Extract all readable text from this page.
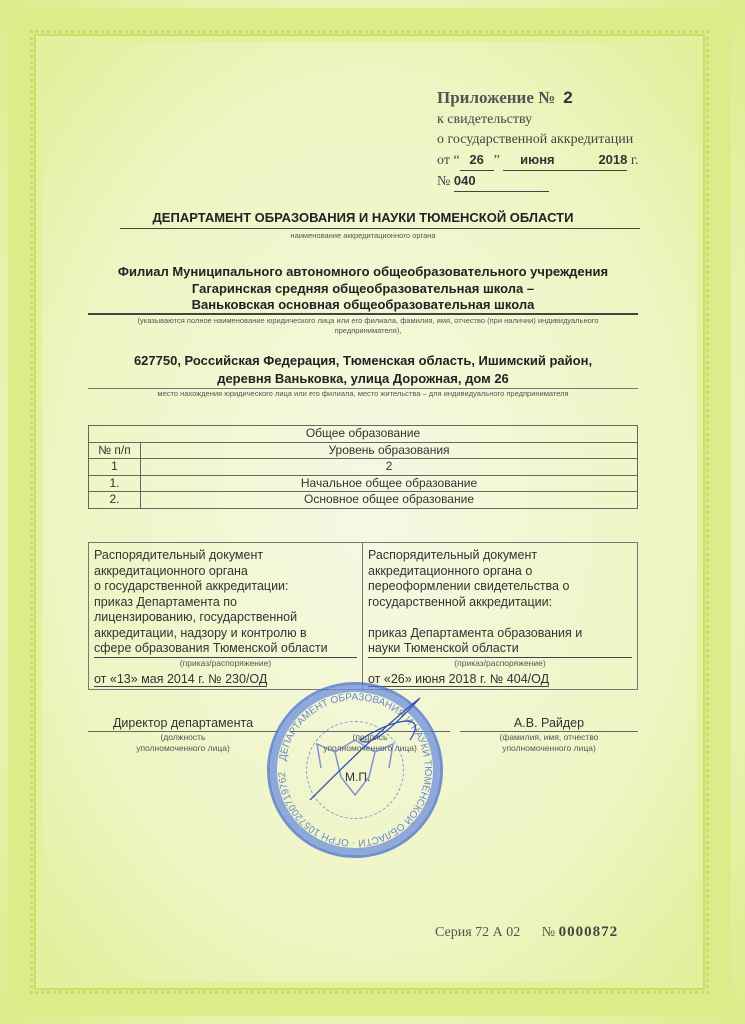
Приложение № 2
к свидетельству
о государственной аккредитации
от “ 26 ” июня	2018 г.
№ 040
ДЕПАРТАМЕНТ ОБРАЗОВАНИЯ И НАУКИ ТЮМЕНСКОЙ ОБЛАСТИ
наименование аккредитационного органа
Филиал Муниципального автономного общеобразовательного учреждения
Гагаринская средняя общеобразовательная школа –
Ваньковская основная общеобразовательная школа
(указываются полное наименование юридического лица или его филиала, фамилия, имя, отчество (при наличии) индивидуального предпринимателя),
627750, Российская Федерация, Тюменская область, Ишимский район,
деревня Ваньковка, улица Дорожная, дом 26
место нахождения юридического лица или его филиала, место жительства – для индивидуального предпринимателя
Общее образование	
№ п/п	Уровень образования
1	2
1.	Начальное общее образование
2.	Основное общее образование
Распорядительный документ
аккредитационного органа
о государственной аккредитации:
приказ Департамента по
лицензированию, государственной
аккредитации, надзору и контролю в
сфере образования Тюменской области
(приказ/распоряжение)
от «13» мая 2014 г. № 230/ОД
Распорядительный документ
аккредитационного органа о
переоформлении свидетельства о
государственной аккредитации:
приказ Департамента образования и
науки Тюменской области
(приказ/распоряжение)
от «26» июня 2018 г. № 404/ОД
Директор департамента
(должность
уполномоченного лица)
(подпись
уполномоченного лица)
А.В. Райдер
(фамилия, имя, отчество
уполномоченного лица)
ДЕПАРТАМЕНТ ОБРАЗОВАНИЯ И НАУКИ ТЮМЕНСКОЙ ОБЛАСТИ · ОГРН 1057200719762	М.П.
Серия 72 А 02 № 0000872
